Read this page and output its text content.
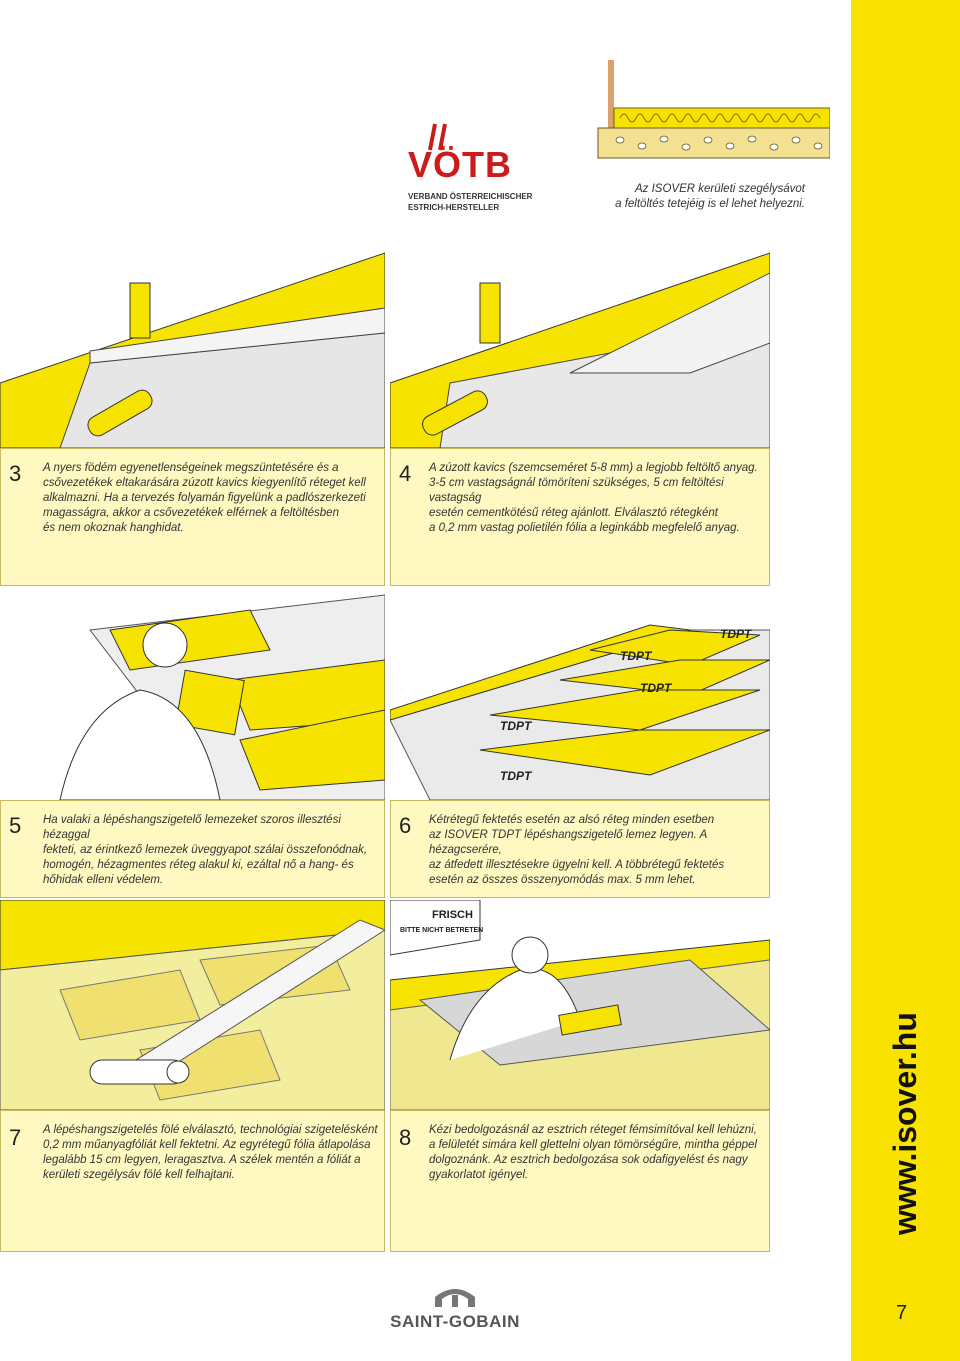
www.isover.hu
7
VÖTB
VERBAND ÖSTERREICHISCHER
ESTRICH-HERSTELLER
Az ISOVER kerületi szegélysávot
a feltöltés tetejéig is el lehet helyezni.
3 A nyers födém egyenetlenségeinek megszüntetésére és a
csővezetékek eltakarására zúzott kavics kiegyenlítő réteget kell
alkalmazni. Ha a tervezés folyamán figyelünk a padlószerkezeti
magasságra, akkor a csővezetékek elférnek a feltöltésben
és nem okoznak hanghidat.
4 A zúzott kavics (szemcseméret 5-8 mm) a legjobb feltöltő anyag.
3-5 cm vastagságnál tömöríteni szükséges, 5 cm feltöltési vastagság
esetén cementkötésű réteg ajánlott. Elválasztó rétegként
a 0,2 mm vastag polietilén fólia a leginkább megfelelő anyag.
TDPT
TDPT
TDPT
TDPT
TDPT
5 Ha valaki a lépéshangszigetelő lemezeket szoros illesztési hézaggal
fekteti, az érintkező lemezek üveggyapot szálai összefonódnak,
homogén, hézagmentes réteg alakul ki, ezáltal nő a hang- és
hőhidak elleni védelem.
6 Kétrétegű fektetés esetén az alsó réteg minden esetben
az ISOVER TDPT lépéshangszigetelő lemez legyen. A hézagcserére,
az átfedett illesztésekre ügyelni kell. A többrétegű fektetés
esetén az összes összenyomódás max. 5 mm lehet.
FRISCH
BITTE NICHT BETRETEN
7 A lépéshangszigetelés fölé elválasztó, technológiai szigetelésként
0,2 mm műanyagfóliát kell fektetni. Az egyrétegű fólia átlapolása
legalább 15 cm legyen, leragasztva. A szélek mentén a fóliát a
kerületi szegélysáv fölé kell felhajtani.
8 Kézi bedolgozásnál az esztrich réteget fémsimítóval kell lehúzni,
a felületét simára kell glettelni olyan tömörségűre, mintha géppel
dolgoznánk. Az esztrich bedolgozása sok odafigyelést és nagy
gyakorlatot igényel.
SAINT-GOBAIN
